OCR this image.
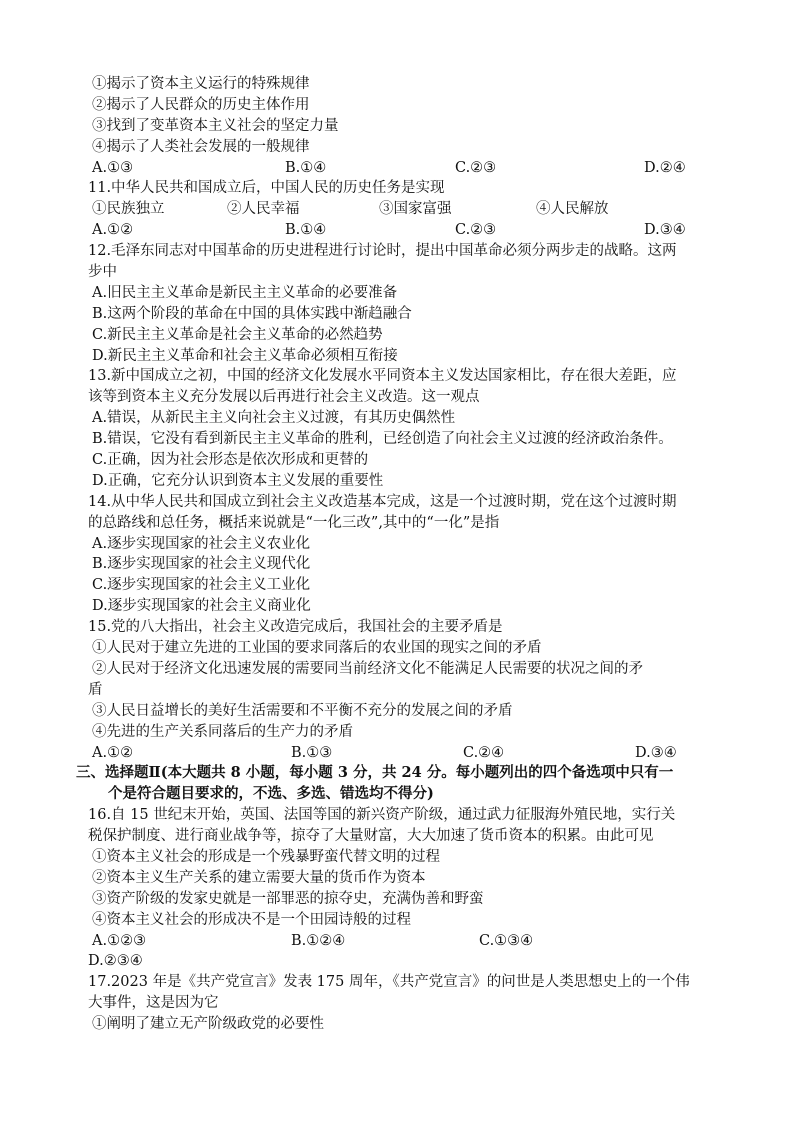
①揭示了资本主义运行的特殊规律
②揭示了人民群众的历史主体作用
③找到了变革资本主义社会的坚定力量
④揭示了人类社会发展的一般规律
A.①③	B.①④	C.②③	D.②④
11.中华人民共和国成立后，中国人民的历史任务是实现
①民族独立	②人民幸福	③国家富强	④人民解放
A.①②	B.①④	C.②③	D.③④
12.毛泽东同志对中国革命的历史进程进行讨论时，提出中国革命必须分两步走的战略。这两
步中
A.旧民主主义革命是新民主主义革命的必要准备
B.这两个阶段的革命在中国的具体实践中渐趋融合
C.新民主主义革命是社会主义革命的必然趋势
D.新民主主义革命和社会主义革命必须相互衔接
13.新中国成立之初，中国的经济文化发展水平同资本主义发达国家相比，存在很大差距，应
该等到资本主义充分发展以后再进行社会主义改造。这一观点
A.错误，从新民主主义向社会主义过渡，有其历史偶然性
B.错误，它没有看到新民主主义革命的胜利，已经创造了向社会主义过渡的经济政治条件。
C.正确，因为社会形态是依次形成和更替的
D.正确，它充分认识到资本主义发展的重要性
14.从中华人民共和国成立到社会主义改造基本完成，这是一个过渡时期，党在这个过渡时期
的总路线和总任务，概括来说就是“一化三改”,其中的“一化”是指
A.逐步实现国家的社会主义农业化
B.逐步实现国家的社会主义现代化
C.逐步实现国家的社会主义工业化
D.逐步实现国家的社会主义商业化
15.党的八大指出，社会主义改造完成后，我国社会的主要矛盾是
①人民对于建立先进的工业国的要求同落后的农业国的现实之间的矛盾
②人民对于经济文化迅速发展的需要同当前经济文化不能满足人民需要的状况之间的矛
盾
③人民日益增长的美好生活需要和不平衡不充分的发展之间的矛盾
④先进的生产关系同落后的生产力的矛盾
A.①②	B.①③	C.②④	D.③④
三、选择题Ⅱ(本大题共 8 小题，每小题 3 分，共 24 分。每小题列出的四个备选项中只有一
个是符合题目要求的，不选、多选、错选均不得分)
16.自 15 世纪末开始，英国、法国等国的新兴资产阶级，通过武力征服海外殖民地，实行关
税保护制度、进行商业战争等，掠夺了大量财富，大大加速了货币资本的积累。由此可见
①资本主义社会的形成是一个残暴野蛮代替文明的过程
②资本主义生产关系的建立需要大量的货币作为资本
③资产阶级的发家史就是一部罪恶的掠夺史，充满伪善和野蛮
④资本主义社会的形成决不是一个田园诗般的过程
A.①②③	B.①②④	C.①③④
D.②③④
17.2023 年是《共产党宣言》发表 175 周年，《共产党宣言》的问世是人类思想史上的一个伟
大事件，这是因为它
①阐明了建立无产阶级政党的必要性
